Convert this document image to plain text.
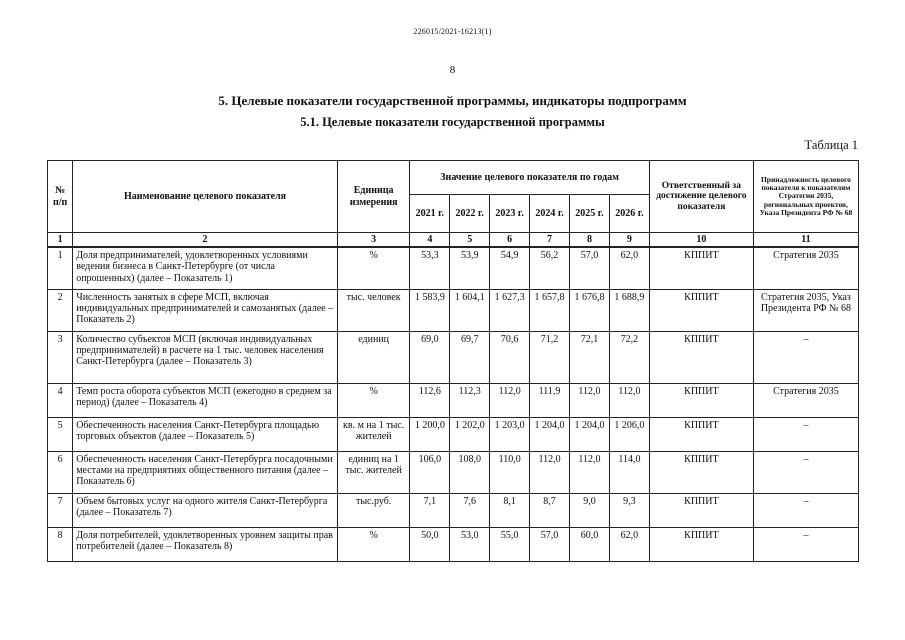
226015/2021-16213(1)
8
5. Целевые показатели государственной программы, индикаторы подпрограмм
5.1. Целевые показатели государственной программы
Таблица 1
№ п/п	Наименование целевого показателя	Единица измерения	Значение целевого показателя по годам						Ответственный за достижение целевого показателя	Принадлежность целевого показателя к показателям Стратегии 2035, региональных проектов, Указа Президента РФ № 68
			2021 г.	2022 г.	2023 г.	2024 г.	2025 г.	2026 г.		
1	2	3	4	5	6	7	8	9	10	11
1	Доля предпринимателей, удовлетворенных условиями ведения бизнеса в Санкт-Петербурге (от числа опрошенных) (далее – Показатель 1)	%	53,3	53,9	54,9	56,2	57,0	62,0	КППИТ	Стратегия 2035
2	Численность занятых в сфере МСП, включая индивидуальных предпринимателей и самозанятых (далее – Показатель 2)	тыс. человек	1 583,9	1 604,1	1 627,3	1 657,8	1 676,8	1 688,9	КППИТ	Стратегия 2035, Указ Президента РФ № 68
3	Количество субъектов МСП (включая индивидуальных предпринимателей) в расчете на 1 тыс. человек населения Санкт-Петербурга (далее – Показатель 3)	единиц	69,0	69,7	70,6	71,2	72,1	72,2	КППИТ	–
4	Темп роста оборота субъектов МСП (ежегодно в среднем за период) (далее – Показатель 4)	%	112,6	112,3	112,0	111,9	112,0	112,0	КППИТ	Стратегия 2035
5	Обеспеченность населения Санкт-Петербурга площадью торговых объектов (далее – Показатель 5)	кв. м на 1 тыс. жителей	1 200,0	1 202,0	1 203,0	1 204,0	1 204,0	1 206,0	КППИТ	–
6	Обеспеченность населения Санкт-Петербурга посадочными местами на предприятиях общественного питания (далее – Показатель 6)	единиц на 1 тыс. жителей	106,0	108,0	110,0	112,0	112,0	114,0	КППИТ	–
7	Объем бытовых услуг на одного жителя Санкт-Петербурга (далее – Показатель 7)	тыс.руб.	7,1	7,6	8,1	8,7	9,0	9,3	КППИТ	–
8	Доля потребителей, удовлетворенных уровнем защиты прав потребителей (далее – Показатель 8)	%	50,0	53,0	55,0	57,0	60,0	62,0	КППИТ	–
